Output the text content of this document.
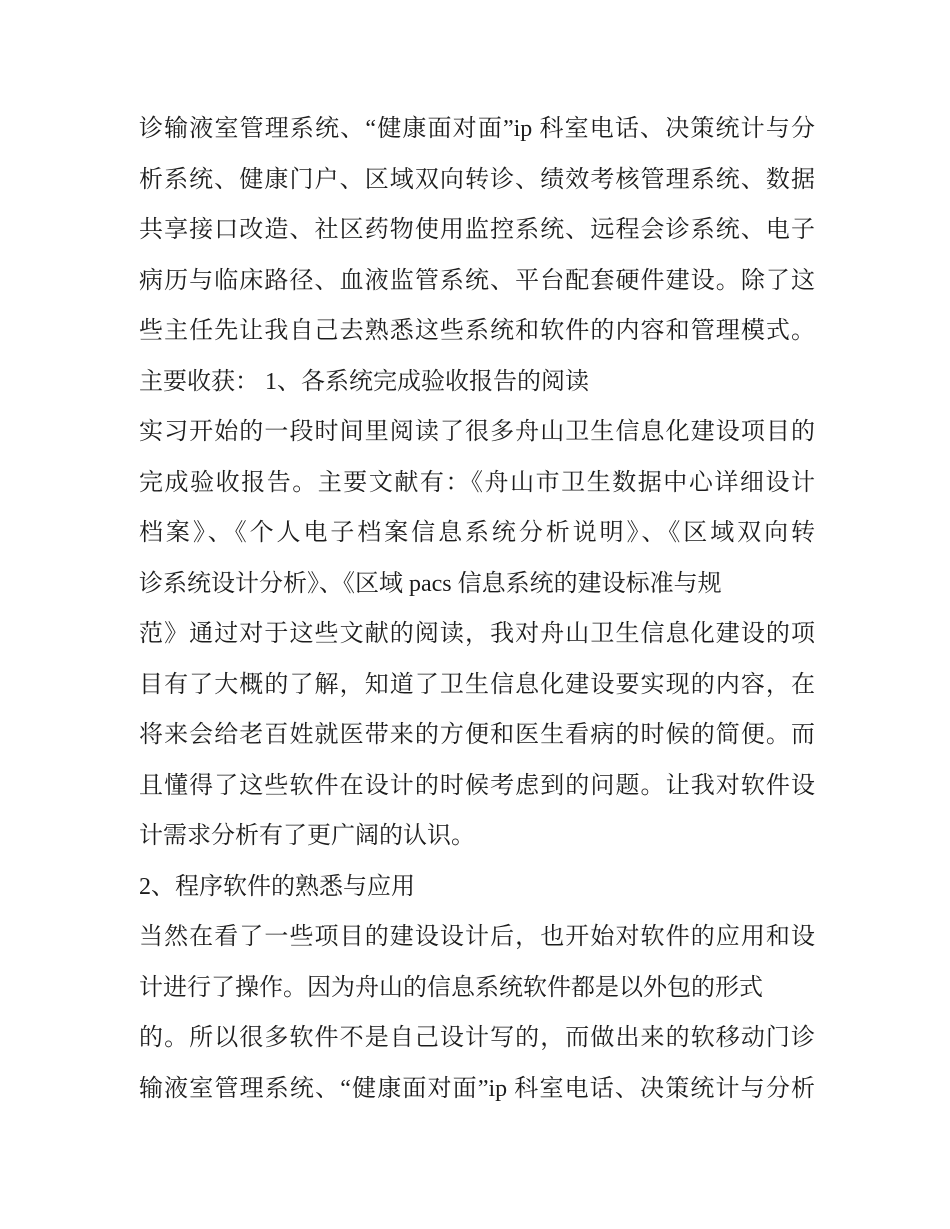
诊输液室管理系统、“健康面对面”ip 科室电话、决策统计与分
析系统、健康门户、区域双向转诊、绩效考核管理系统、数据
共享接口改造、社区药物使用监控系统、远程会诊系统、电子
病历与临床路径、血液监管系统、平台配套硬件建设。除了这
些主任先让我自己去熟悉这些系统和软件的内容和管理模式。
主要收获： 1、各系统完成验收报告的阅读
实习开始的一段时间里阅读了很多舟山卫生信息化建设项目的
完成验收报告。主要文献有：《舟山市卫生数据中心详细设计
档案》、《个人电子档案信息系统分析说明》、《区域双向转
诊系统设计分析》、《区域 pacs 信息系统的建设标准与规
范》通过对于这些文献的阅读，我对舟山卫生信息化建设的项
目有了大概的了解，知道了卫生信息化建设要实现的内容，在
将来会给老百姓就医带来的方便和医生看病的时候的简便。而
且懂得了这些软件在设计的时候考虑到的问题。让我对软件设
计需求分析有了更广阔的认识。
2、程序软件的熟悉与应用
当然在看了一些项目的建设设计后，也开始对软件的应用和设
计进行了操作。因为舟山的信息系统软件都是以外包的形式
的。所以很多软件不是自己设计写的，而做出来的软移动门诊
输液室管理系统、“健康面对面”ip 科室电话、决策统计与分析
